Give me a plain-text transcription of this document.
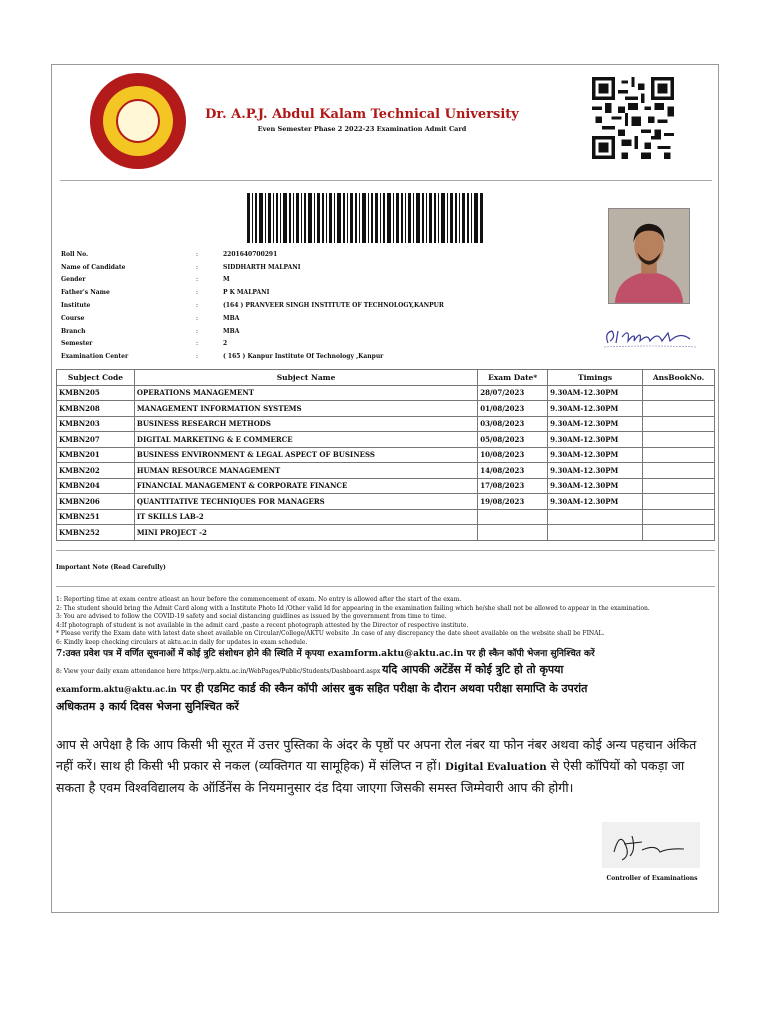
Dr. A.P.J. Abdul Kalam Technical University
Even Semester Phase 2 2022-23 Examination Admit Card
Roll No.	:	2201640700291
Name of Candidate	:	SIDDHARTH MALPANI
Gender	:	M
Father's Name	:	P K MALPANI
Institute	:	(164 ) PRANVEER SINGH INSTITUTE OF TECHNOLOGY,KANPUR
Course	:	MBA
Branch	:	MBA
Semester	:	2
Examination Center	:	( 165 ) Kanpur Institute Of Technology ,Kanpur
Subject Code	Subject Name	Exam Date*	Timings	AnsBookNo.
KMBN205	OPERATIONS MANAGEMENT	28/07/2023	9.30AM-12.30PM	
KMBN208	MANAGEMENT INFORMATION SYSTEMS	01/08/2023	9.30AM-12.30PM	
KMBN203	BUSINESS RESEARCH METHODS	03/08/2023	9.30AM-12.30PM	
KMBN207	DIGITAL MARKETING & E COMMERCE	05/08/2023	9.30AM-12.30PM	
KMBN201	BUSINESS ENVIRONMENT & LEGAL ASPECT OF BUSINESS	10/08/2023	9.30AM-12.30PM	
KMBN202	HUMAN RESOURCE MANAGEMENT	14/08/2023	9.30AM-12.30PM	
KMBN204	FINANCIAL MANAGEMENT & CORPORATE FINANCE	17/08/2023	9.30AM-12.30PM	
KMBN206	QUANTITATIVE TECHNIQUES FOR MANAGERS	19/08/2023	9.30AM-12.30PM	
KMBN251	IT SKILLS LAB-2			
KMBN252	MINI PROJECT -2			
Important Note (Read Carefully)
1: Reporting time at exam centre atleast an hour before the commencement of exam. No entry is allowed after the start of the exam.
2: The student should bring the Admit Card along with a Institute Photo Id /Other valid Id for appearing in the examination failing which he/she shall not be allowed to appear in the examination.
3: You are advised to follow the COVID-19 safety and social distancing guidlines as issued by the government from time to time.
4:If photograph of student is not available in the admit card ,paste a recent photograph attested by the Director of respective institute.
* Please verify the Exam date with latest date sheet available on Circular/College/AKTU website .In case of any discrepancy the date sheet available on the website shall be FINAL.
6: Kindly keep checking circulars at aktu.ac.in daily for updates in exam schedule.
7:उक्त प्रवेश पत्र में वर्णित सूचनाओं में कोई त्रुटि संशोधन होने की स्थिति में कृपया examform.aktu@aktu.ac.in पर ही स्कैन कॉपी भेजना सुनिश्चित करें
8: View your daily exam attendance here https://erp.aktu.ac.in/WebPages/Public/Students/Dashboard.aspx यदि आपकी अटेंडेंस में कोई त्रुटि हो तो कृपया
examform.aktu@aktu.ac.in पर ही एडमिट कार्ड की स्कैन कॉपी आंसर बुक सहित परीक्षा के दौरान अथवा परीक्षा समाप्ति के उपरांत
अधिकतम ३ कार्य दिवस भेजना सुनिश्चित करें
आप से अपेक्षा है कि आप किसी भी सूरत में उत्तर पुस्तिका के अंदर के पृष्ठों पर अपना रोल नंबर या फोन नंबर अथवा कोई अन्य पहचान अंकित नहीं करें। साथ ही किसी भी प्रकार से नकल (व्यक्तिगत या सामूहिक) में संलिप्त न हों। Digital Evaluation से ऐसी कॉपियों को पकड़ा जा सकता है एवम विश्वविद्यालय के ऑर्डिनेंस के नियमानुसार दंड दिया जाएगा जिसकी समस्त जिम्मेवारी आप की होगी।
Controller of Examinations
